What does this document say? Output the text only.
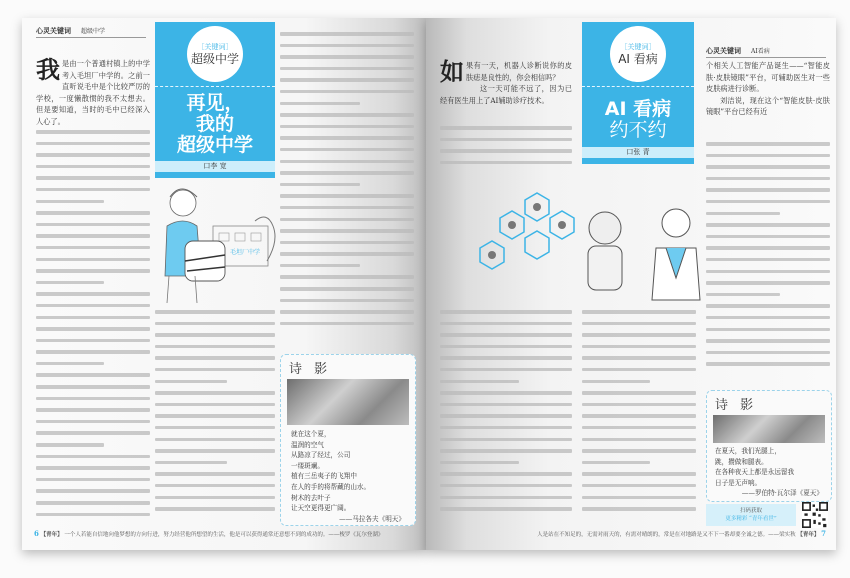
心灵关键词 超级中学
我是由一个普通村镇上的中学考入毛坦厂中学的。之前一直听说毛中是个比较严厉的学校，一度懒散惯的我不太想去。但是要知道，当时的毛中已经深入人心了。
［关键词］
超级中学
再见，
我的
超级中学
口李 宽
毛坦厂中学

诗 影
就在这个夏，
温润的空气
从路凉了经过，公司
一缕斑斓。
植有三岳夷子的飞翔中
在人的手的将帮藏的山水。
树木的去叶子
让天空更得更广阔。
——马拉各夫《明天》
6 【青年】 一个人若能自信地向他梦想的方向行进，努力经营他所想望的生活，他是可以获得通常还意想不到的成功的。——梭罗《瓦尔登湖》
如果有一天，机器人诊断说你的皮肤痣是良性的，你会相信吗？
这一天可能不远了，因为已经有医生用上了AI辅助诊疗技术。
［关键词］
AI 看病
AI 看病
约不约
口张 青
心灵关键词 AI看病
个相关人工智能产品诞生——“智能皮肤·皮肤镜眼”平台，可辅助医生对一些皮肤病进行诊断。
刘洁说，现在这个“智能皮肤·皮肤镜眼”平台已经有近
诗 影
在夏天，我们光腿上，
跳，攒做和腿表。
在各种夜天上都是永远留我
日子是无声响。
——罗伯特·瓦尔泽《夏天》
扫码获取
更多精彩 “青年看世”
人是站在不知足的，无需对雨天的，有需对晴朗的，常是在对地路是又不下一番却要全诚之德。——梁实秋 【青年】 7
